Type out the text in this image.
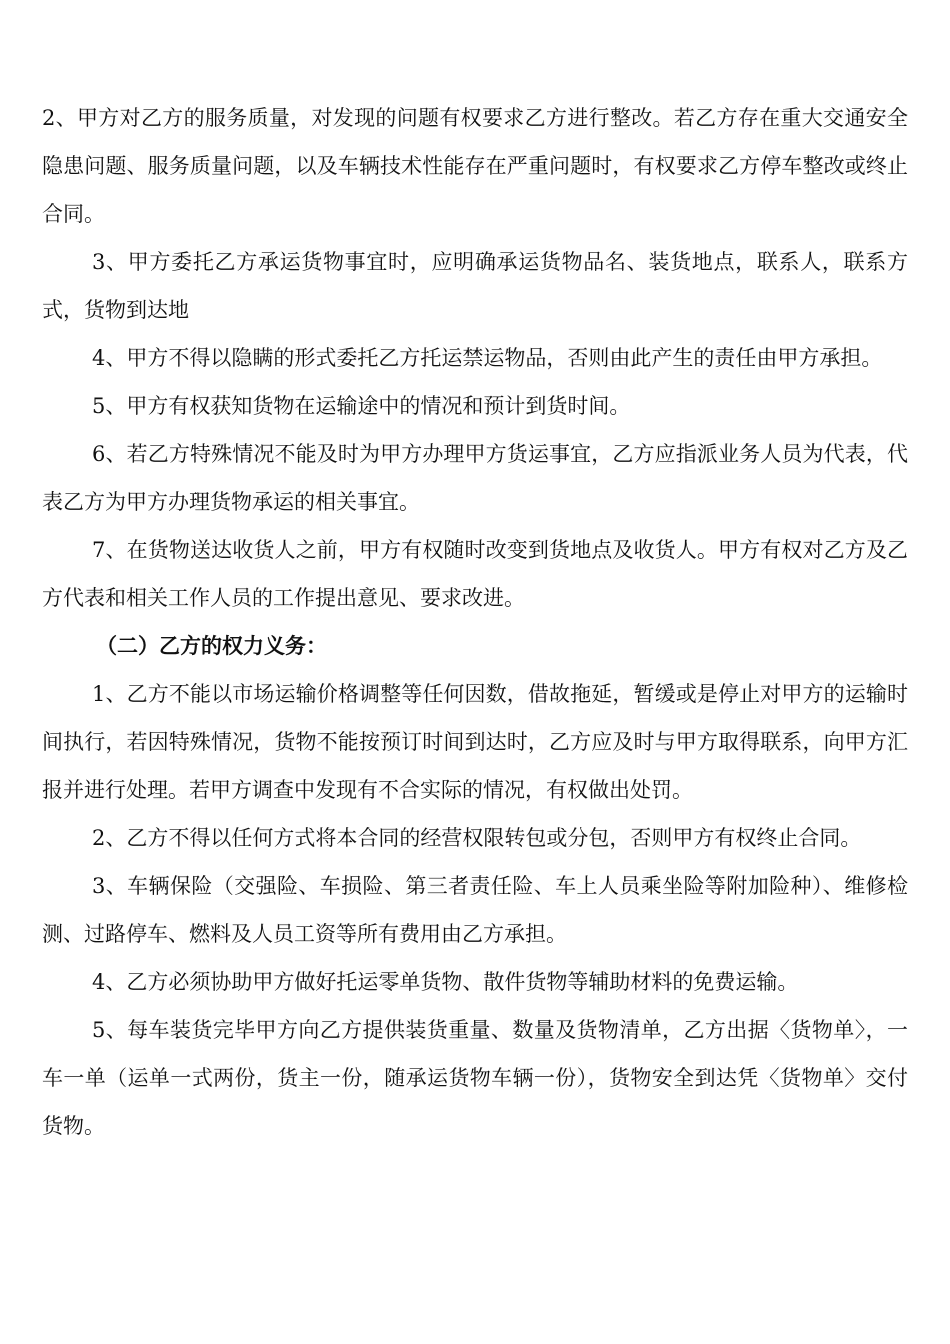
2、甲方对乙方的服务质量，对发现的问题有权要求乙方进行整改。若乙方存在重大交通安全隐患问题、服务质量问题，以及车辆技术性能存在严重问题时，有权要求乙方停车整改或终止合同。

3、甲方委托乙方承运货物事宜时，应明确承运货物品名、装货地点，联系人，联系方式，货物到达地

4、甲方不得以隐瞒的形式委托乙方托运禁运物品，否则由此产生的责任由甲方承担。

5、甲方有权获知货物在运输途中的情况和预计到货时间。

6、若乙方特殊情况不能及时为甲方办理甲方货运事宜，乙方应指派业务人员为代表，代表乙方为甲方办理货物承运的相关事宜。

7、在货物送达收货人之前，甲方有权随时改变到货地点及收货人。甲方有权对乙方及乙方代表和相关工作人员的工作提出意见、要求改进。

（二）乙方的权力义务：

1、乙方不能以市场运输价格调整等任何因数，借故拖延，暂缓或是停止对甲方的运输时间执行，若因特殊情况，货物不能按预订时间到达时，乙方应及时与甲方取得联系，向甲方汇报并进行处理。若甲方调查中发现有不合实际的情况，有权做出处罚。

2、乙方不得以任何方式将本合同的经营权限转包或分包，否则甲方有权终止合同。

3、车辆保险（交强险、车损险、第三者责任险、车上人员乘坐险等附加险种）、维修检测、过路停车、燃料及人员工资等所有费用由乙方承担。

4、乙方必须协助甲方做好托运零单货物、散件货物等辅助材料的免费运输。

5、每车装货完毕甲方向乙方提供装货重量、数量及货物清单，乙方出据〈货物单〉，一车一单（运单一式两份，货主一份，随承运货物车辆一份），货物安全到达凭〈货物单〉交付货物。
